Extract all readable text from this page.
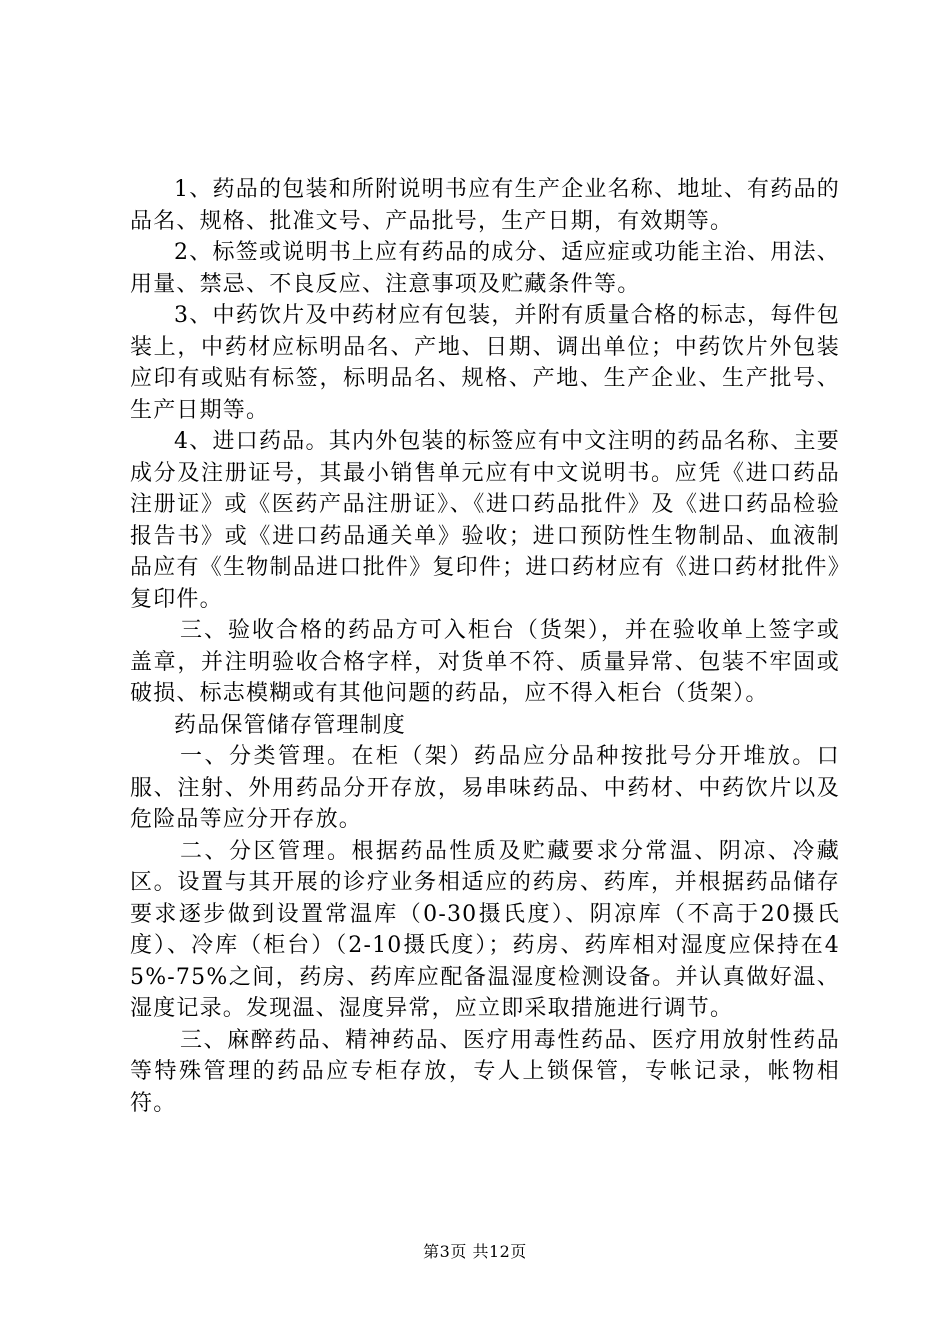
1、药品的包装和所附说明书应有生产企业名称、地址、有药品的品名、规格、批准文号、产品批号，生产日期，有效期等。

2、标签或说明书上应有药品的成分、适应症或功能主治、用法、用量、禁忌、不良反应、注意事项及贮藏条件等。

3、中药饮片及中药材应有包装，并附有质量合格的标志，每件包装上，中药材应标明品名、产地、日期、调出单位；中药饮片外包装应印有或贴有标签，标明品名、规格、产地、生产企业、生产批号、生产日期等。

4、进口药品。其内外包装的标签应有中文注明的药品名称、主要成分及注册证号，其最小销售单元应有中文说明书。应凭《进口药品注册证》或《医药产品注册证》、《进口药品批件》及《进口药品检验报告书》或《进口药品通关单》验收；进口预防性生物制品、血液制品应有《生物制品进口批件》复印件；进口药材应有《进口药材批件》复印件。

三、验收合格的药品方可入柜台（货架），并在验收单上签字或盖章，并注明验收合格字样，对货单不符、质量异常、包装不牢固或破损、标志模糊或有其他问题的药品，应不得入柜台（货架）。

药品保管储存管理制度

一、分类管理。在柜（架）药品应分品种按批号分开堆放。口服、注射、外用药品分开存放，易串味药品、中药材、中药饮片以及危险品等应分开存放。

二、分区管理。根据药品性质及贮藏要求分常温、阴凉、冷藏区。设置与其开展的诊疗业务相适应的药房、药库，并根据药品储存要求逐步做到设置常温库（0-30摄氏度）、阴凉库（不高于20摄氏度）、冷库（柜台）（2-10摄氏度）；药房、药库相对湿度应保持在45%-75%之间，药房、药库应配备温湿度检测设备。并认真做好温、湿度记录。发现温、湿度异常，应立即采取措施进行调节。

三、麻醉药品、精神药品、医疗用毒性药品、医疗用放射性药品等特殊管理的药品应专柜存放，专人上锁保管，专帐记录，帐物相符。

第3页 共12页
